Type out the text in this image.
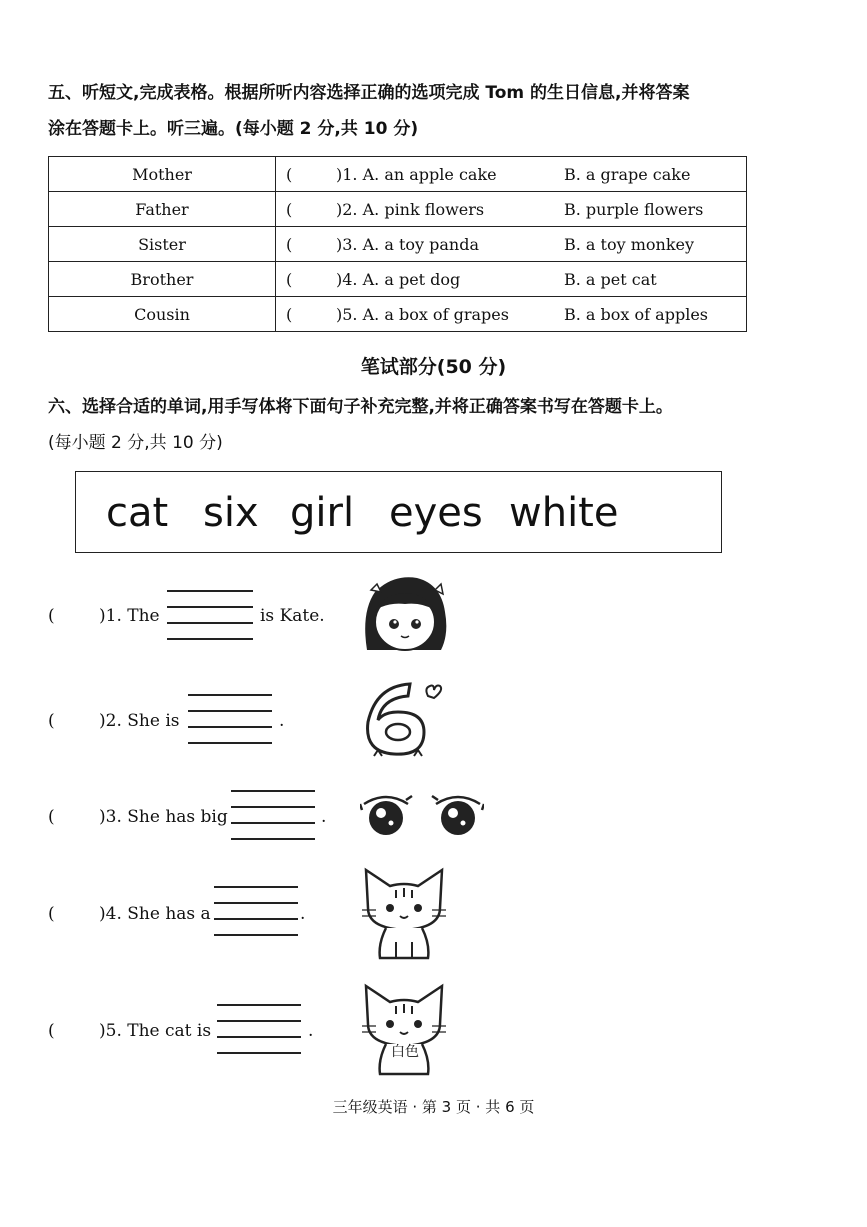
五、听短文,完成表格。根据所听内容选择正确的选项完成 Tom 的生日信息,并将答案
涂在答题卡上。听三遍。(每小题 2 分,共 10 分)
Mother	( )1. A. an apple cake B. a grape cake

Father	( )2. A. pink flowers B. purple flowers

Sister	( )3. A. a toy panda B. a toy monkey

Brother	( )4. A. a pet dog B. a pet cat

Cousin	( )5. A. a box of grapes B. a box of apples
笔试部分(50 分)
六、选择合适的单词,用手写体将下面句子补充完整,并将正确答案书写在答题卡上。
(每小题 2 分,共 10 分)
cat six girl eyes white
(	)1. The	is Kate.
(	)2. She is	.
(	)3. She has big	.
(	)4. She has a	.
(	)5. The cat is	.
白色
三年级英语 · 第 3 页 · 共 6 页
